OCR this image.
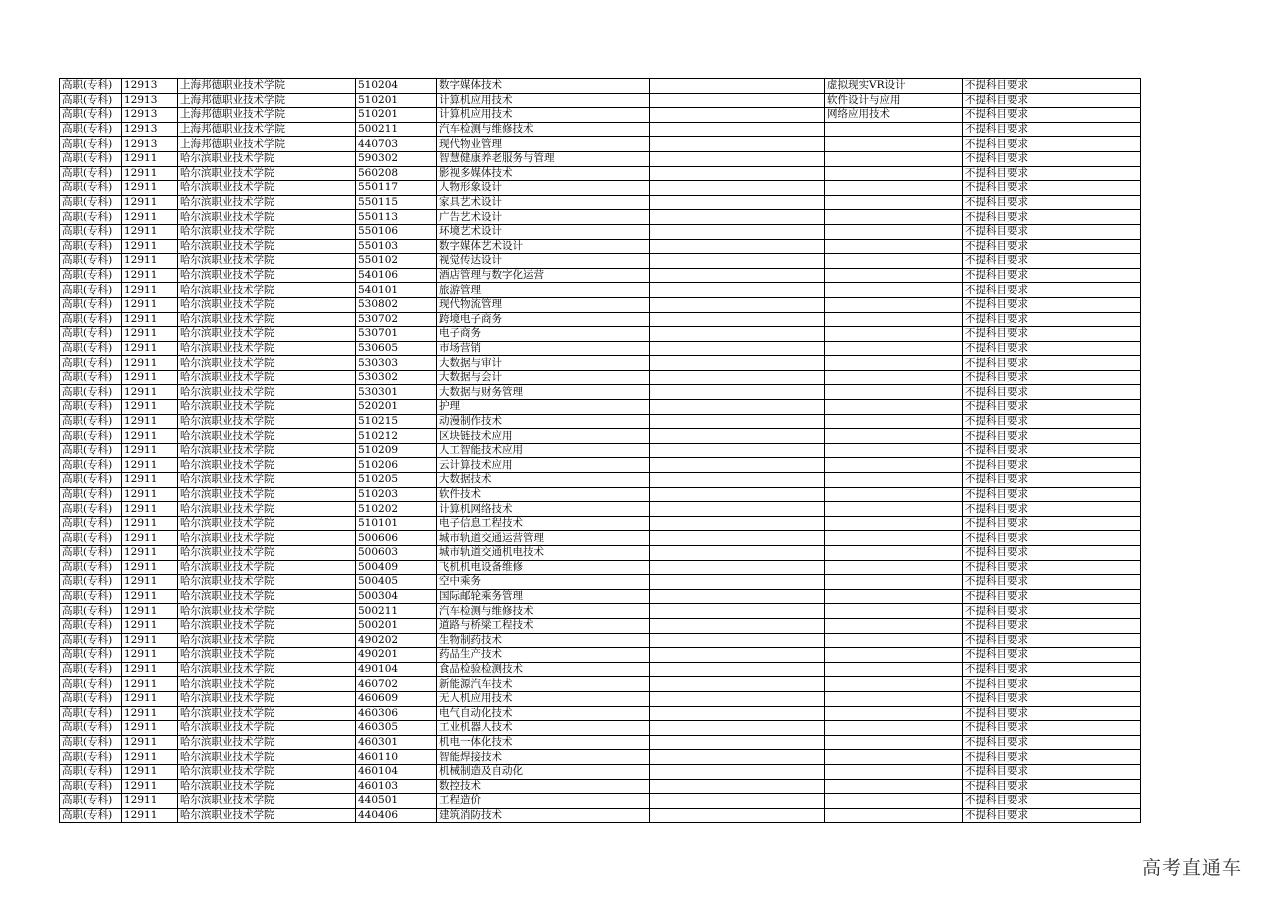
高职(专科)	12913	上海邦德职业技术学院	510204	数字媒体技术		虚拟现实VR设计	不提科目要求
高职(专科)	12913	上海邦德职业技术学院	510201	计算机应用技术		软件设计与应用	不提科目要求
高职(专科)	12913	上海邦德职业技术学院	510201	计算机应用技术		网络应用技术	不提科目要求
高职(专科)	12913	上海邦德职业技术学院	500211	汽车检测与维修技术			不提科目要求
高职(专科)	12913	上海邦德职业技术学院	440703	现代物业管理			不提科目要求
高职(专科)	12911	哈尔滨职业技术学院	590302	智慧健康养老服务与管理			不提科目要求
高职(专科)	12911	哈尔滨职业技术学院	560208	影视多媒体技术			不提科目要求
高职(专科)	12911	哈尔滨职业技术学院	550117	人物形象设计			不提科目要求
高职(专科)	12911	哈尔滨职业技术学院	550115	家具艺术设计			不提科目要求
高职(专科)	12911	哈尔滨职业技术学院	550113	广告艺术设计			不提科目要求
高职(专科)	12911	哈尔滨职业技术学院	550106	环境艺术设计			不提科目要求
高职(专科)	12911	哈尔滨职业技术学院	550103	数字媒体艺术设计			不提科目要求
高职(专科)	12911	哈尔滨职业技术学院	550102	视觉传达设计			不提科目要求
高职(专科)	12911	哈尔滨职业技术学院	540106	酒店管理与数字化运营			不提科目要求
高职(专科)	12911	哈尔滨职业技术学院	540101	旅游管理			不提科目要求
高职(专科)	12911	哈尔滨职业技术学院	530802	现代物流管理			不提科目要求
高职(专科)	12911	哈尔滨职业技术学院	530702	跨境电子商务			不提科目要求
高职(专科)	12911	哈尔滨职业技术学院	530701	电子商务			不提科目要求
高职(专科)	12911	哈尔滨职业技术学院	530605	市场营销			不提科目要求
高职(专科)	12911	哈尔滨职业技术学院	530303	大数据与审计			不提科目要求
高职(专科)	12911	哈尔滨职业技术学院	530302	大数据与会计			不提科目要求
高职(专科)	12911	哈尔滨职业技术学院	530301	大数据与财务管理			不提科目要求
高职(专科)	12911	哈尔滨职业技术学院	520201	护理			不提科目要求
高职(专科)	12911	哈尔滨职业技术学院	510215	动漫制作技术			不提科目要求
高职(专科)	12911	哈尔滨职业技术学院	510212	区块链技术应用			不提科目要求
高职(专科)	12911	哈尔滨职业技术学院	510209	人工智能技术应用			不提科目要求
高职(专科)	12911	哈尔滨职业技术学院	510206	云计算技术应用			不提科目要求
高职(专科)	12911	哈尔滨职业技术学院	510205	大数据技术			不提科目要求
高职(专科)	12911	哈尔滨职业技术学院	510203	软件技术			不提科目要求
高职(专科)	12911	哈尔滨职业技术学院	510202	计算机网络技术			不提科目要求
高职(专科)	12911	哈尔滨职业技术学院	510101	电子信息工程技术			不提科目要求
高职(专科)	12911	哈尔滨职业技术学院	500606	城市轨道交通运营管理			不提科目要求
高职(专科)	12911	哈尔滨职业技术学院	500603	城市轨道交通机电技术			不提科目要求
高职(专科)	12911	哈尔滨职业技术学院	500409	飞机机电设备维修			不提科目要求
高职(专科)	12911	哈尔滨职业技术学院	500405	空中乘务			不提科目要求
高职(专科)	12911	哈尔滨职业技术学院	500304	国际邮轮乘务管理			不提科目要求
高职(专科)	12911	哈尔滨职业技术学院	500211	汽车检测与维修技术			不提科目要求
高职(专科)	12911	哈尔滨职业技术学院	500201	道路与桥梁工程技术			不提科目要求
高职(专科)	12911	哈尔滨职业技术学院	490202	生物制药技术			不提科目要求
高职(专科)	12911	哈尔滨职业技术学院	490201	药品生产技术			不提科目要求
高职(专科)	12911	哈尔滨职业技术学院	490104	食品检验检测技术			不提科目要求
高职(专科)	12911	哈尔滨职业技术学院	460702	新能源汽车技术			不提科目要求
高职(专科)	12911	哈尔滨职业技术学院	460609	无人机应用技术			不提科目要求
高职(专科)	12911	哈尔滨职业技术学院	460306	电气自动化技术			不提科目要求
高职(专科)	12911	哈尔滨职业技术学院	460305	工业机器人技术			不提科目要求
高职(专科)	12911	哈尔滨职业技术学院	460301	机电一体化技术			不提科目要求
高职(专科)	12911	哈尔滨职业技术学院	460110	智能焊接技术			不提科目要求
高职(专科)	12911	哈尔滨职业技术学院	460104	机械制造及自动化			不提科目要求
高职(专科)	12911	哈尔滨职业技术学院	460103	数控技术			不提科目要求
高职(专科)	12911	哈尔滨职业技术学院	440501	工程造价			不提科目要求
高职(专科)	12911	哈尔滨职业技术学院	440406	建筑消防技术			不提科目要求
高考直通车
